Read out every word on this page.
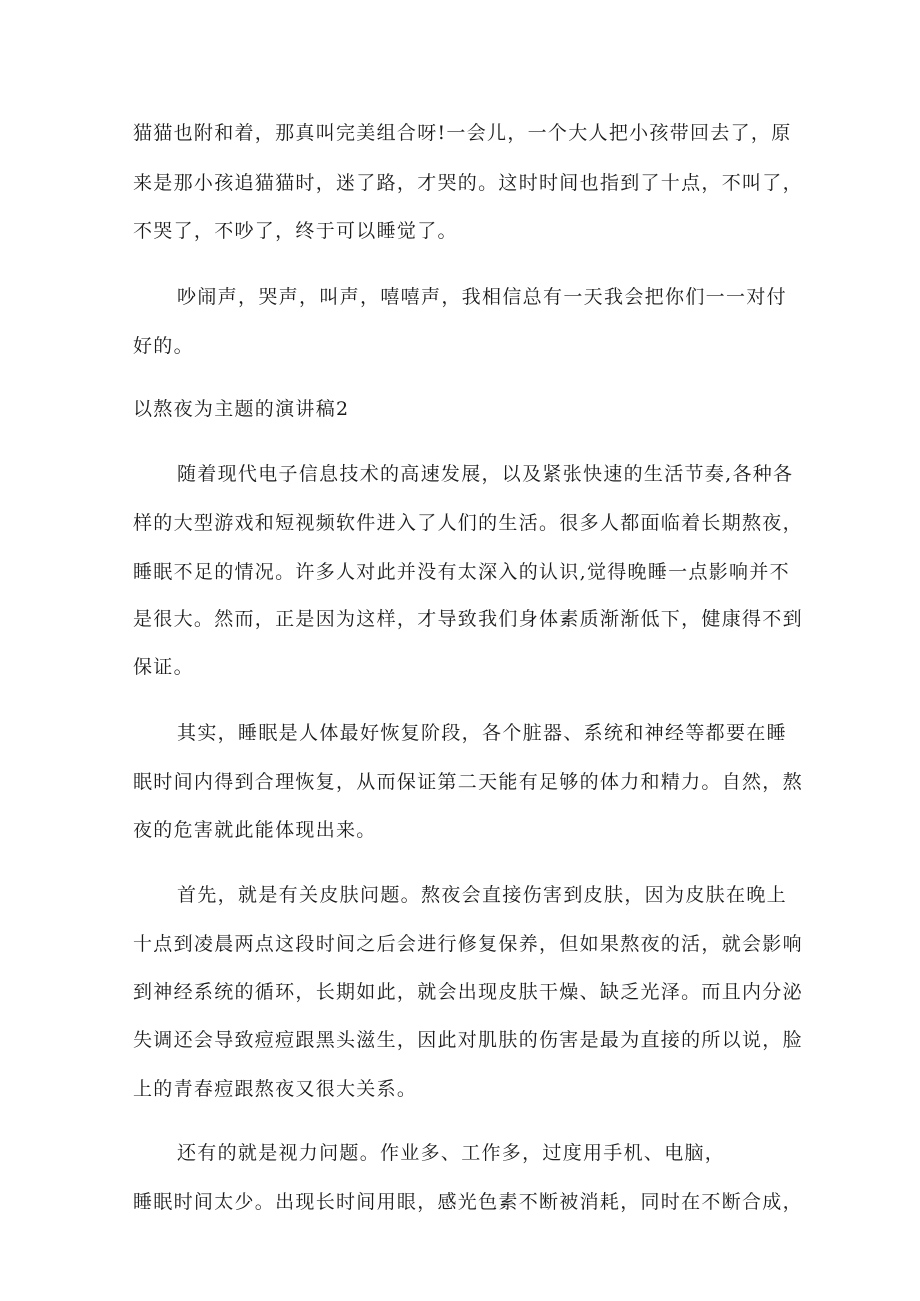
猫猫也附和着，那真叫完美组合呀!一会儿，一个大人把小孩带回去了，原
来是那小孩追猫猫时，迷了路，才哭的。这时时间也指到了十点，不叫了，
不哭了，不吵了，终于可以睡觉了。
吵闹声，哭声，叫声，嘻嘻声，我相信总有一天我会把你们一一对付
好的。
以熬夜为主题的演讲稿2
随着现代电子信息技术的高速发展，以及紧张快速的生活节奏,各种各
样的大型游戏和短视频软件进入了人们的生活。很多人都面临着长期熬夜，
睡眠不足的情况。许多人对此并没有太深入的认识,觉得晚睡一点影响并不
是很大。然而，正是因为这样，才导致我们身体素质渐渐低下，健康得不到
保证。
其实，睡眠是人体最好恢复阶段，各个脏器、系统和神经等都要在睡
眠时间内得到合理恢复，从而保证第二天能有足够的体力和精力。自然，熬
夜的危害就此能体现出来。
首先，就是有关皮肤问题。熬夜会直接伤害到皮肤，因为皮肤在晚上
十点到凌晨两点这段时间之后会进行修复保养，但如果熬夜的活，就会影响
到神经系统的循环，长期如此，就会出现皮肤干燥、缺乏光泽。而且内分泌
失调还会导致痘痘跟黑头滋生，因此对肌肤的伤害是最为直接的所以说，脸
上的青春痘跟熬夜又很大关系。
还有的就是视力问题。作业多、工作多，过度用手机、电脑，
睡眠时间太少。出现长时间用眼，感光色素不断被消耗，同时在不断合成，
